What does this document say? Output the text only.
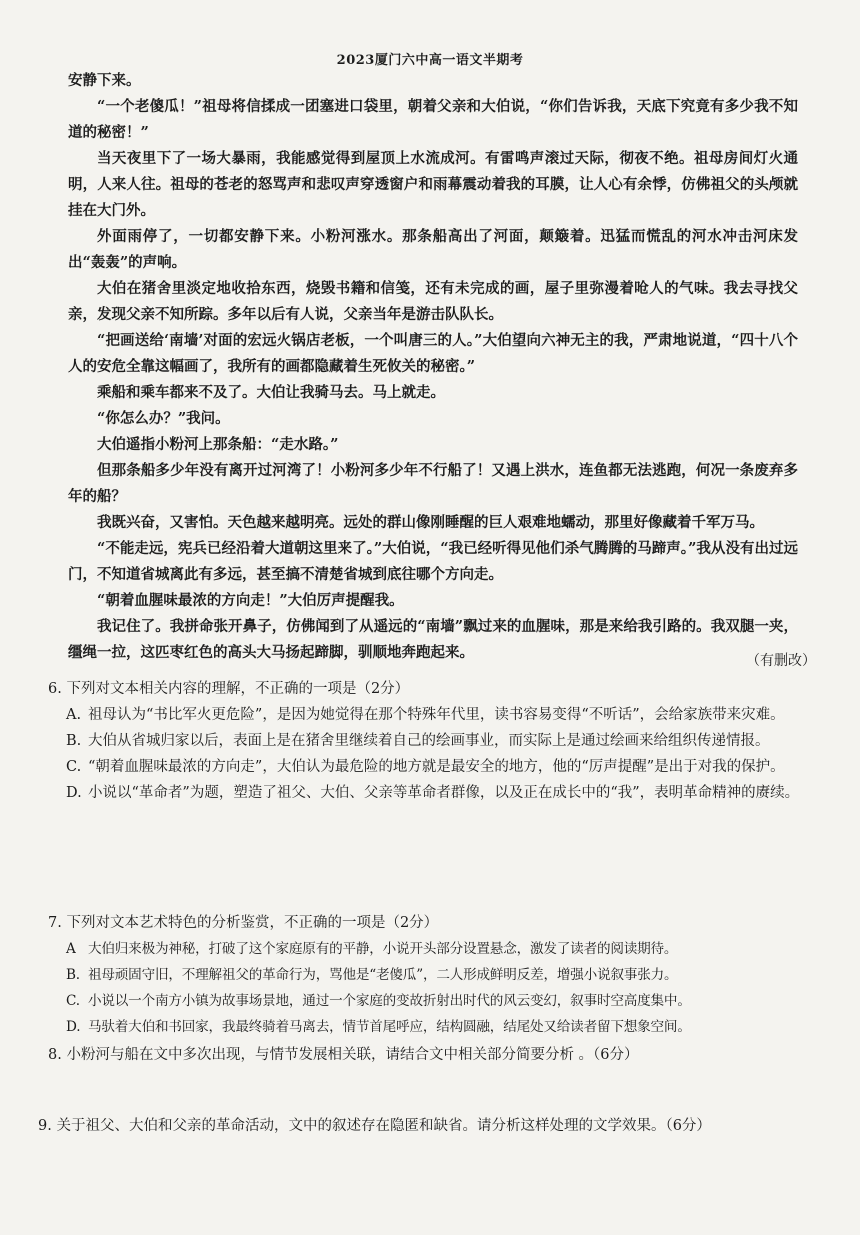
2023厦门六中高一语文半期考

安静下来。

“一个老傻瓜！”祖母将信揉成一团塞进口袋里，朝着父亲和大伯说，“你们告诉我，天底下究竟有多少我不知道的秘密！”

当天夜里下了一场大暴雨，我能感觉得到屋顶上水流成河。有雷鸣声滚过天际，彻夜不绝。祖母房间灯火通明，人来人往。祖母的苍老的怒骂声和悲叹声穿透窗户和雨幕震动着我的耳膜，让人心有余悸，仿佛祖父的头颅就挂在大门外。

外面雨停了，一切都安静下来。小粉河涨水。那条船高出了河面，颠簸着。迅猛而慌乱的河水冲击河床发出“轰轰”的声响。

大伯在猪舍里淡定地收拾东西，烧毁书籍和信笺，还有未完成的画，屋子里弥漫着呛人的气味。我去寻找父亲，发现父亲不知所踪。多年以后有人说，父亲当年是游击队队长。

“把画送给‘南墙’对面的宏远火锅店老板，一个叫唐三的人。”大伯望向六神无主的我，严肃地说道，“四十八个人的安危全靠这幅画了，我所有的画都隐藏着生死攸关的秘密。”

乘船和乘车都来不及了。大伯让我骑马去。马上就走。

“你怎么办？”我问。

大伯遥指小粉河上那条船：“走水路。”

但那条船多少年没有离开过河湾了！小粉河多少年不行船了！又遇上洪水，连鱼都无法逃跑，何况一条废弃多年的船？

我既兴奋，又害怕。天色越来越明亮。远处的群山像刚睡醒的巨人艰难地蠕动，那里好像藏着千军万马。

“不能走远，宪兵已经沿着大道朝这里来了。”大伯说，“我已经听得见他们杀气腾腾的马蹄声。”我从没有出过远门，不知道省城离此有多远，甚至搞不清楚省城到底往哪个方向走。

“朝着血腥味最浓的方向走！”大伯厉声提醒我。

我记住了。我拼命张开鼻子，仿佛闻到了从遥远的“南墙”飘过来的血腥味，那是来给我引路的。我双腿一夹，缰绳一拉，这匹枣红色的高头大马扬起蹄脚，驯顺地奔跑起来。	（有删改）

6. 下列对文本相关内容的理解，不正确的一项是（2分）

A. 祖母认为“书比军火更危险”，是因为她觉得在那个特殊年代里，读书容易变得“不听话”，会给家族带来灾难。

B. 大伯从省城归家以后，表面上是在猪舍里继续着自己的绘画事业，而实际上是通过绘画来给组织传递情报。

C. “朝着血腥味最浓的方向走”，大伯认为最危险的地方就是最安全的地方，他的“厉声提醒”是出于对我的保护。

D. 小说以“革命者”为题，塑造了祖父、大伯、父亲等革命者群像，以及正在成长中的“我”，表明革命精神的赓续。

7. 下列对文本艺术特色的分析鉴赏，不正确的一项是（2分）

A 大伯归来极为神秘，打破了这个家庭原有的平静，小说开头部分设置悬念，激发了读者的阅读期待。

B. 祖母顽固守旧，不理解祖父的革命行为，骂他是“老傻瓜”，二人形成鲜明反差，增强小说叙事张力。

C. 小说以一个南方小镇为故事场景地，通过一个家庭的变故折射出时代的风云变幻，叙事时空高度集中。

D. 马驮着大伯和书回家，我最终骑着马离去，情节首尾呼应，结构圆融，结尾处又给读者留下想象空间。

8. 小粉河与船在文中多次出现，与情节发展相关联，请结合文中相关部分简要分析 。（6分）

9. 关于祖父、大伯和父亲的革命活动，文中的叙述存在隐匿和缺省。请分析这样处理的文学效果。（6分）
